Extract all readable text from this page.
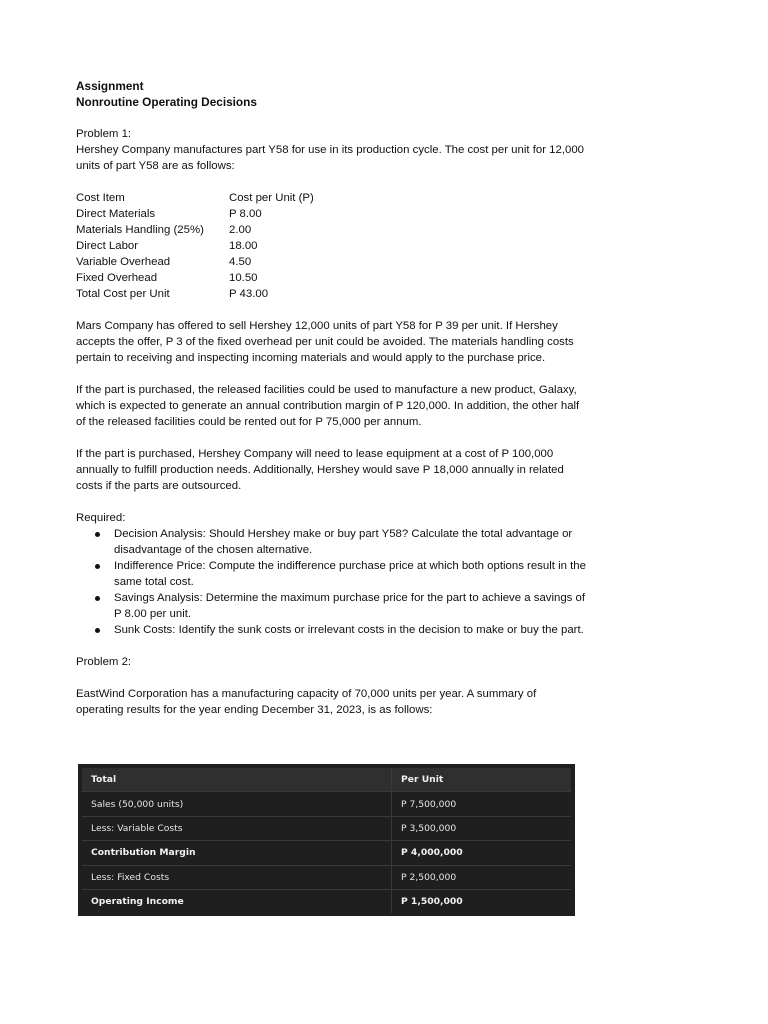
Assignment

Nonroutine Operating Decisions

Problem 1:

Hershey Company manufactures part Y58 for use in its production cycle. The cost per unit for 12,000 units of part Y58 are as follows:

Cost Item	Cost per Unit (P)
Direct Materials	P 8.00
Materials Handling (25%)	2.00
Direct Labor	18.00
Variable Overhead	4.50
Fixed Overhead	10.50
Total Cost per Unit	P 43.00

Mars Company has offered to sell Hershey 12,000 units of part Y58 for P 39 per unit. If Hershey accepts the offer, P 3 of the fixed overhead per unit could be avoided. The materials handling costs pertain to receiving and inspecting incoming materials and would apply to the purchase price.

If the part is purchased, the released facilities could be used to manufacture a new product, Galaxy, which is expected to generate an annual contribution margin of P 120,000. In addition, the other half of the released facilities could be rented out for P 75,000 per annum.

If the part is purchased, Hershey Company will need to lease equipment at a cost of P 100,000 annually to fulfill production needs. Additionally, Hershey would save P 18,000 annually in related costs if the parts are outsourced.

Required:

Decision Analysis: Should Hershey make or buy part Y58? Calculate the total advantage or disadvantage of the chosen alternative.
Indifference Price: Compute the indifference purchase price at which both options result in the same total cost.
Savings Analysis: Determine the maximum purchase price for the part to achieve a savings of P 8.00 per unit.
Sunk Costs: Identify the sunk costs or irrelevant costs in the decision to make or buy the part.

Problem 2:

EastWind Corporation has a manufacturing capacity of 70,000 units per year. A summary of operating results for the year ending December 31, 2023, is as follows:

Total	Per Unit
Sales (50,000 units)	P 7,500,000
Less: Variable Costs	P 3,500,000
Contribution Margin	P 4,000,000
Less: Fixed Costs	P 2,500,000
Operating Income	P 1,500,000
